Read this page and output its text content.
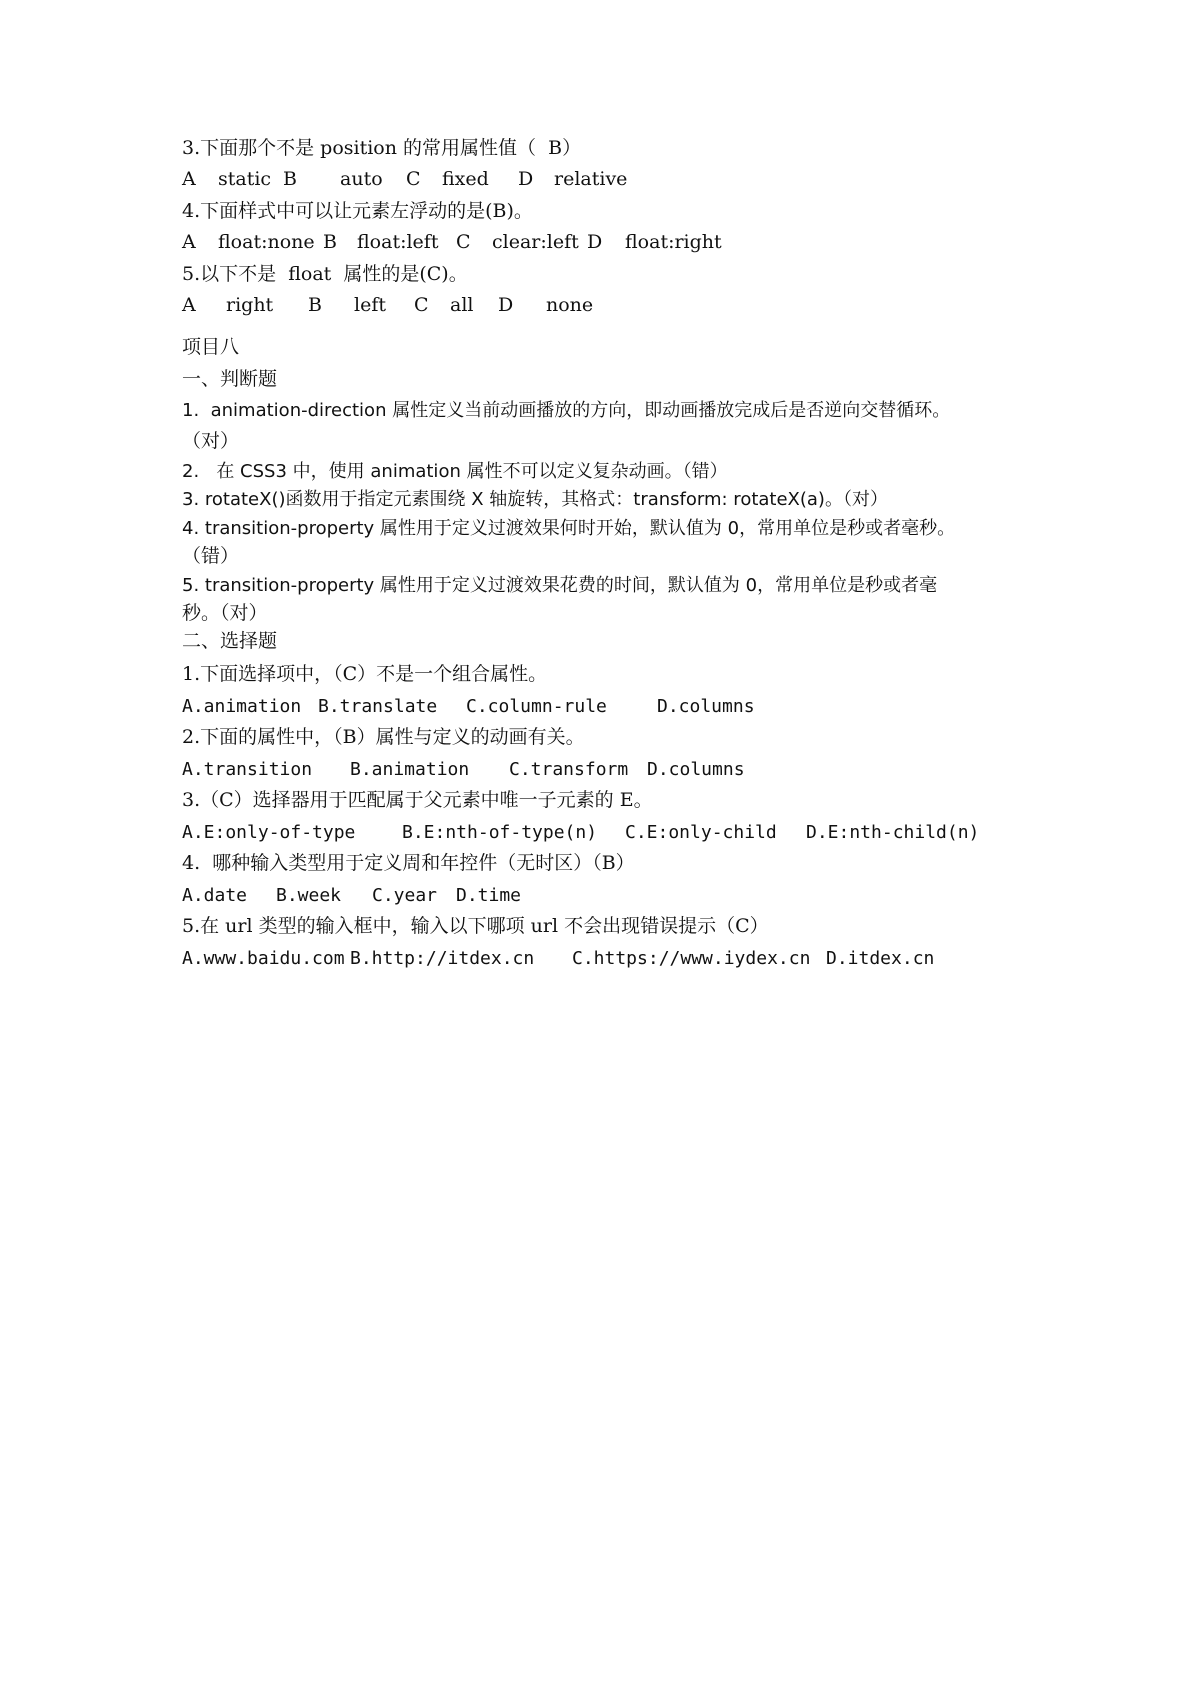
3.下面那个不是 position 的常用属性值（  B）
A static B auto C fixed D relative
4.下面样式中可以让元素左浮动的是(B)。
A float:none B float:left C clear:left D float:right
5.以下不是  float  属性的是(C)。
A right B left C all D none
项目八
一、判断题
1.  animation-direction 属性定义当前动画播放的方向，即动画播放完成后是否逆向交替循环。
（对）
2.   在 CSS3 中，使用 animation 属性不可以定义复杂动画。（错）
3. rotateX()函数用于指定元素围绕 X 轴旋转，其格式：transform: rotateX(a)。（对）
4. transition-property 属性用于定义过渡效果何时开始，默认值为 0，常用单位是秒或者毫秒。
（错）
5. transition-property 属性用于定义过渡效果花费的时间，默认值为 0，常用单位是秒或者毫
秒。（对）
二、选择题
1.下面选择项中，（C）不是一个组合属性。
A.animation B.translate C.column-rule	D.columns
2.下面的属性中，（B）属性与定义的动画有关。
A.transition B.animation C.transform D.columns
3.（C）选择器用于匹配属于父元素中唯一子元素的 E。
A.E:only-of-type	B.E:nth-of-type(n) C.E:only-child D.E:nth-child(n)
4.  哪种输入类型用于定义周和年控件（无时区）（B）
A.date B.week C.year D.time
5.在 url 类型的输入框中，输入以下哪项 url 不会出现错误提示（C）
A.www.baidu.com B.http://itdex.cn C.https://www.iydex.cn D.itdex.cn
